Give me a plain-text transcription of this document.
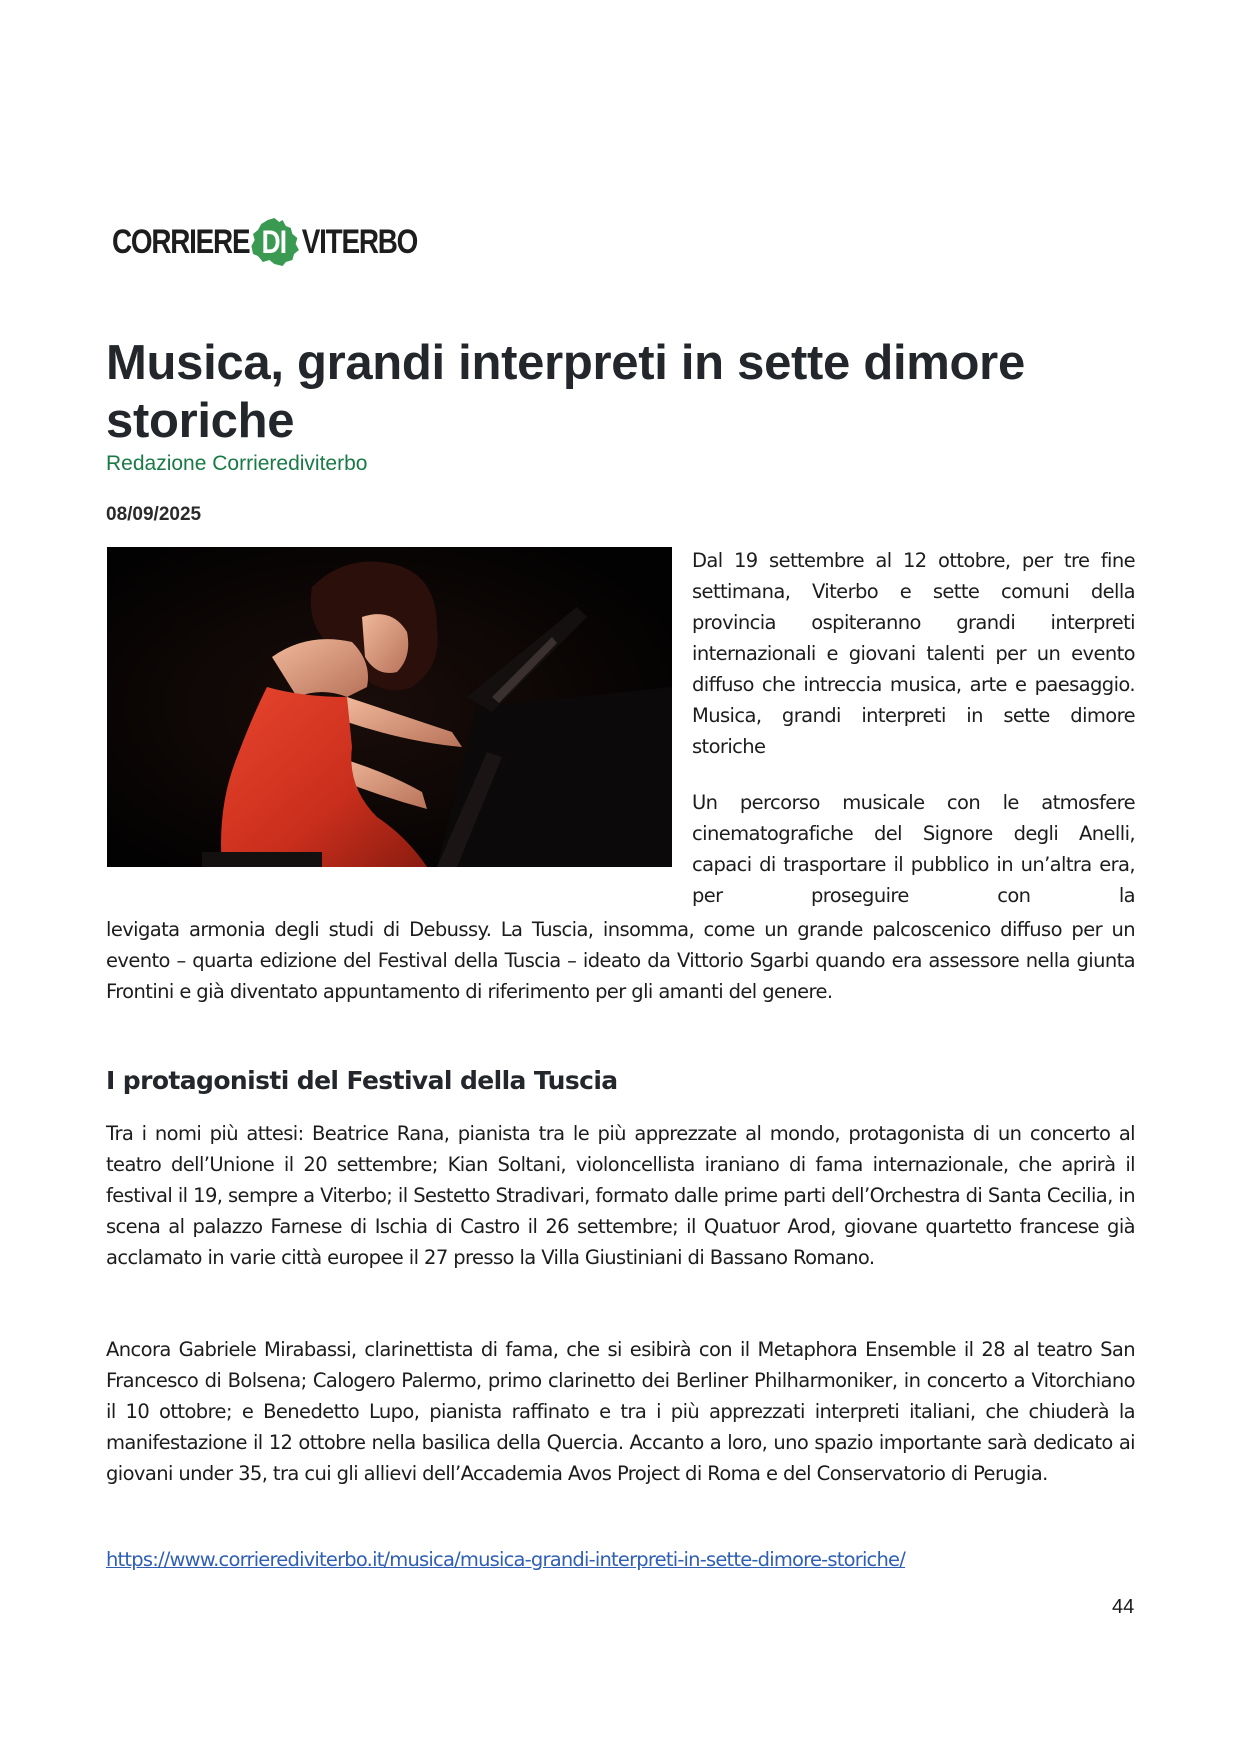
CORRIERE DI VITERBO
Musica, grandi interpreti in sette dimore storiche
Redazione Corrierediviterbo
08/09/2025

Dal 19 settembre al 12 ottobre, per tre fine settimana, Viterbo e sette comuni della provincia ospiteranno grandi interpreti internazionali e giovani talenti per un evento diffuso che intreccia musica, arte e paesaggio. Musica, grandi interpreti in sette dimore storiche

Un percorso musicale con le atmosfere cinematografiche del Signore degli Anelli, capaci di trasportare il pubblico in un’altra era, per proseguire con la

levigata armonia degli studi di Debussy. La Tuscia, insomma, come un grande palcoscenico diffuso per un evento – quarta edizione del Festival della Tuscia – ideato da Vittorio Sgarbi quando era assessore nella giunta Frontini e già diventato appuntamento di riferimento per gli amanti del genere.

I protagonisti del Festival della Tuscia

Tra i nomi più attesi: Beatrice Rana, pianista tra le più apprezzate al mondo, protagonista di un concerto al teatro dell’Unione il 20 settembre; Kian Soltani, violoncellista iraniano di fama internazionale, che aprirà il festival il 19, sempre a Viterbo; il Sestetto Stradivari, formato dalle prime parti dell’Orchestra di Santa Cecilia, in scena al palazzo Farnese di Ischia di Castro il 26 settembre; il Quatuor Arod, giovane quartetto francese già acclamato in varie città europee il 27 presso la Villa Giustiniani di Bassano Romano.

Ancora Gabriele Mirabassi, clarinettista di fama, che si esibirà con il Metaphora Ensemble il 28 al teatro San Francesco di Bolsena; Calogero Palermo, primo clarinetto dei Berliner Philharmoniker, in concerto a Vitorchiano il 10 ottobre; e Benedetto Lupo, pianista raffinato e tra i più apprezzati interpreti italiani, che chiuderà la manifestazione il 12 ottobre nella basilica della Quercia. Accanto a loro, uno spazio importante sarà dedicato ai giovani under 35, tra cui gli allievi dell’Accademia Avos Project di Roma e del Conservatorio di Perugia.

https://www.corrierediviterbo.it/musica/musica-grandi-interpreti-in-sette-dimore-storiche/
44
